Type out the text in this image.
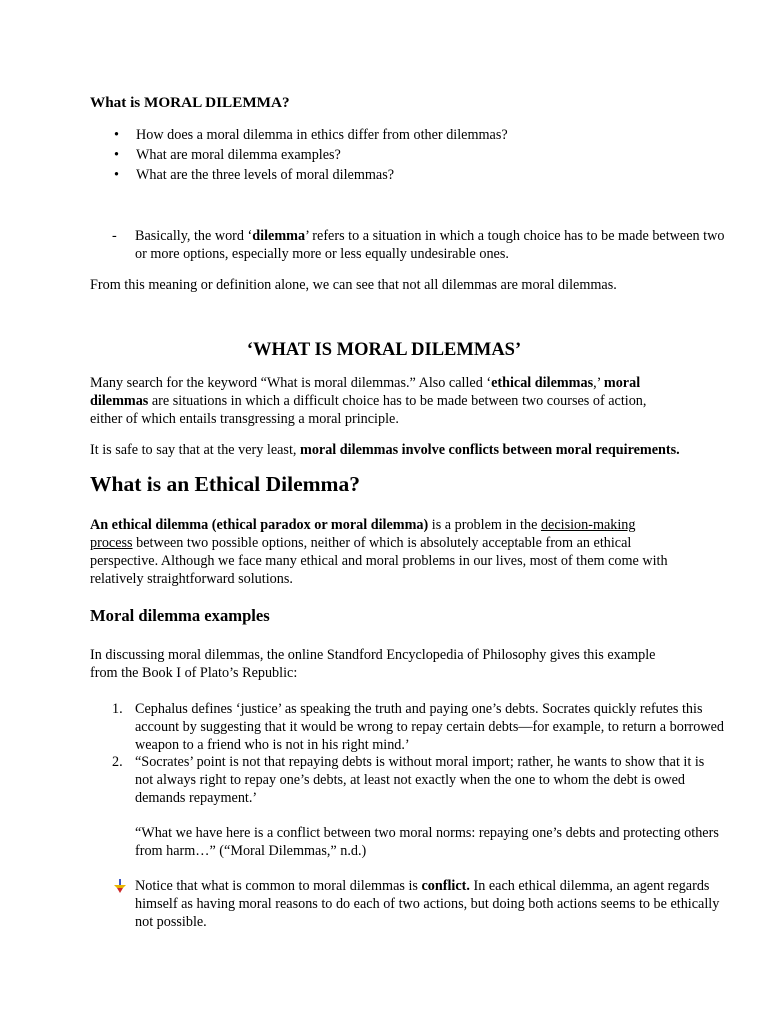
What is MORAL DILEMMA?

• How does a moral dilemma in ethics differ from other dilemmas?
• What are moral dilemma examples?
• What are the three levels of moral dilemmas?

- Basically, the word ‘dilemma’ refers to a situation in which a tough choice has to be made between two or more options, especially more or less equally undesirable ones.

From this meaning or definition alone, we can see that not all dilemmas are moral dilemmas.

‘WHAT IS MORAL DILEMMAS’

Many search for the keyword “What is moral dilemmas.” Also called ‘ethical dilemmas,’ moral dilemmas are situations in which a difficult choice has to be made between two courses of action, either of which entails transgressing a moral principle.

It is safe to say that at the very least, moral dilemmas involve conflicts between moral requirements.

What is an Ethical Dilemma?

An ethical dilemma (ethical paradox or moral dilemma) is a problem in the decision-making process between two possible options, neither of which is absolutely acceptable from an ethical perspective. Although we face many ethical and moral problems in our lives, most of them come with relatively straightforward solutions.

Moral dilemma examples

In discussing moral dilemmas, the online Standford Encyclopedia of Philosophy gives this example from the Book I of Plato’s Republic:

1. Cephalus defines ‘justice’ as speaking the truth and paying one’s debts. Socrates quickly refutes this account by suggesting that it would be wrong to repay certain debts—for example, to return a borrowed weapon to a friend who is not in his right mind.’

2. “Socrates’ point is not that repaying debts is without moral import; rather, he wants to show that it is not always right to repay one’s debts, at least not exactly when the one to whom the debt is owed demands repayment.’

“What we have here is a conflict between two moral norms: repaying one’s debts and protecting others from harm…” (“Moral Dilemmas,” n.d.)

Notice that what is common to moral dilemmas is conflict. In each ethical dilemma, an agent regards himself as having moral reasons to do each of two actions, but doing both actions seems to be ethically not possible.
